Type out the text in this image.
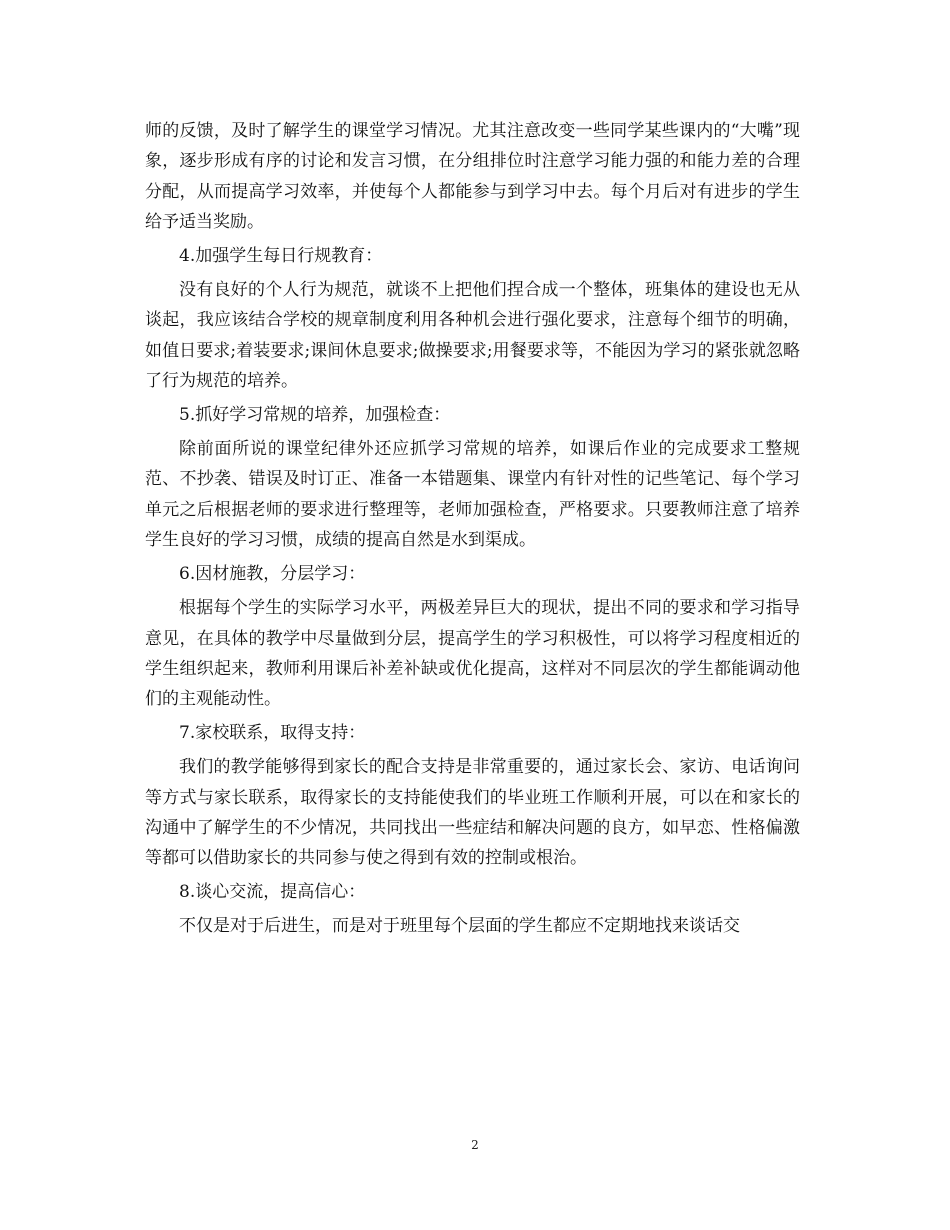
师的反馈，及时了解学生的课堂学习情况。尤其注意改变一些同学某些课内的“大嘴”现象，逐步形成有序的讨论和发言习惯，在分组排位时注意学习能力强的和能力差的合理分配，从而提高学习效率，并使每个人都能参与到学习中去。每个月后对有进步的学生给予适当奖励。

4.加强学生每日行规教育：

没有良好的个人行为规范，就谈不上把他们捏合成一个整体，班集体的建设也无从谈起，我应该结合学校的规章制度利用各种机会进行强化要求，注意每个细节的明确，如值日要求;着装要求;课间休息要求;做操要求;用餐要求等，不能因为学习的紧张就忽略了行为规范的培养。

5.抓好学习常规的培养，加强检查：

除前面所说的课堂纪律外还应抓学习常规的培养，如课后作业的完成要求工整规范、不抄袭、错误及时订正、准备一本错题集、课堂内有针对性的记些笔记、每个学习单元之后根据老师的要求进行整理等，老师加强检查，严格要求。只要教师注意了培养学生良好的学习习惯，成绩的提高自然是水到渠成。

6.因材施教，分层学习：

根据每个学生的实际学习水平，两极差异巨大的现状，提出不同的要求和学习指导意见，在具体的教学中尽量做到分层，提高学生的学习积极性，可以将学习程度相近的学生组织起来，教师利用课后补差补缺或优化提高，这样对不同层次的学生都能调动他们的主观能动性。

7.家校联系，取得支持：

我们的教学能够得到家长的配合支持是非常重要的，通过家长会、家访、电话询问等方式与家长联系，取得家长的支持能使我们的毕业班工作顺利开展，可以在和家长的沟通中了解学生的不少情况，共同找出一些症结和解决问题的良方，如早恋、性格偏激等都可以借助家长的共同参与使之得到有效的控制或根治。

8.谈心交流，提高信心：

不仅是对于后进生，而是对于班里每个层面的学生都应不定期地找来谈话交

2
